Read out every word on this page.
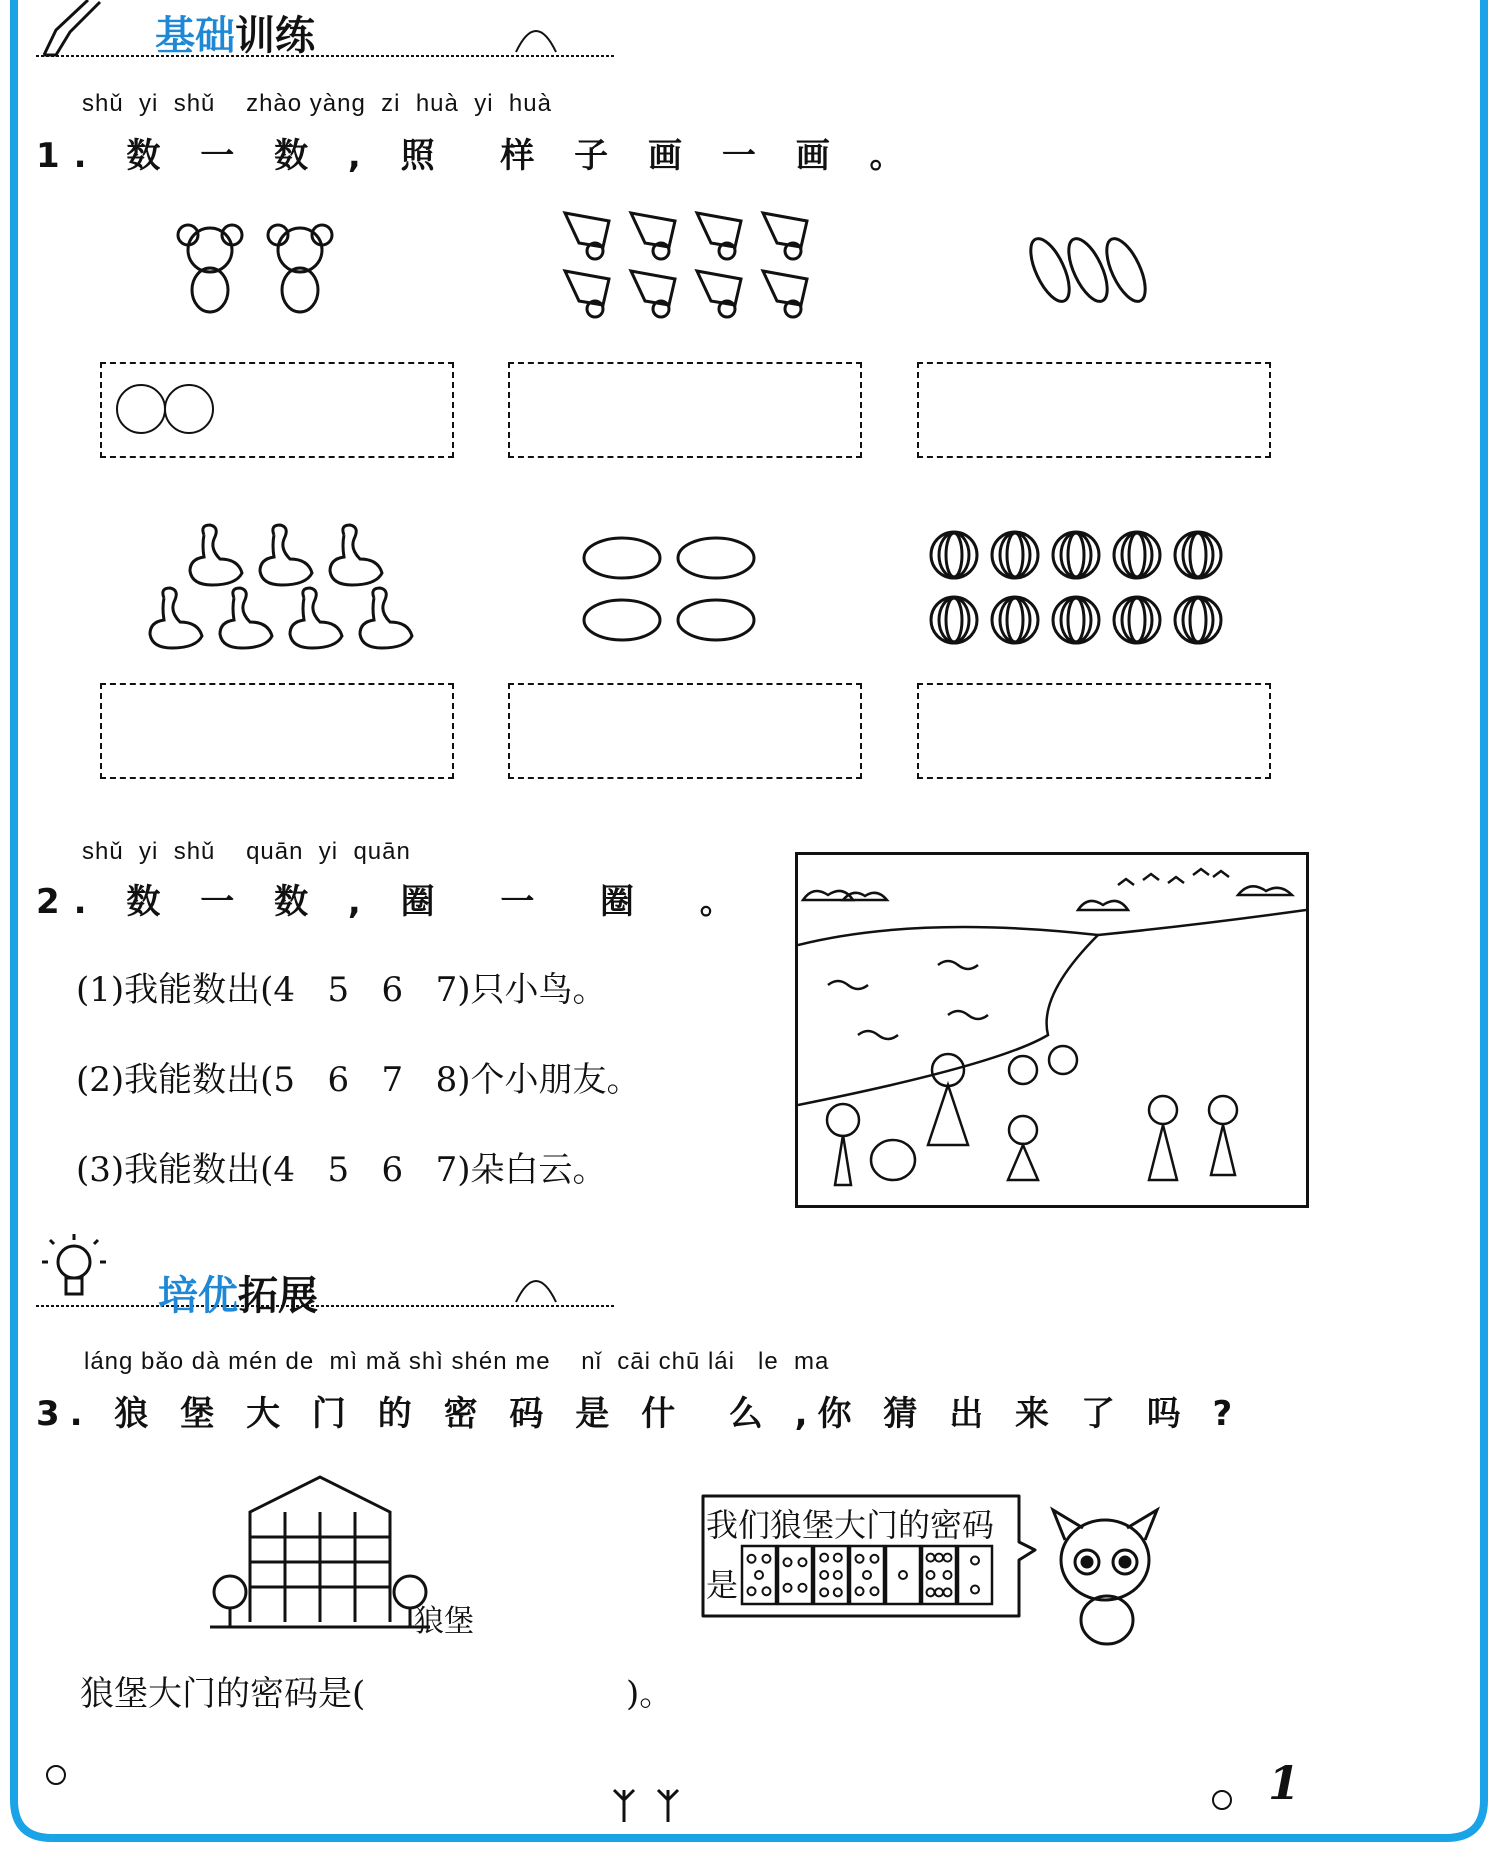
基础训练
shǔ  yi  shǔ    zhào yàng  zi  huà  yi  huà
1. 数 一 数 , 照  样 子 画 一 画 。
shǔ  yi  shǔ    quān  yi  quān
2. 数 一 数 , 圈  一  圈  。
(1)我能数出(4   5   6   7)只小鸟。
(2)我能数出(5   6   7   8)个小朋友。
(3)我能数出(4   5   6   7)朵白云。
培优拓展
láng bǎo dà mén de  mì mǎ shì shén me    nǐ  cāi chū lái   le  ma
3. 狼 堡 大 门 的 密 码 是 什  么 ,你 猜 出 来 了 吗 ?
狼堡
我们狼堡大门的密码
是
狼堡大门的密码是(	)。
1
